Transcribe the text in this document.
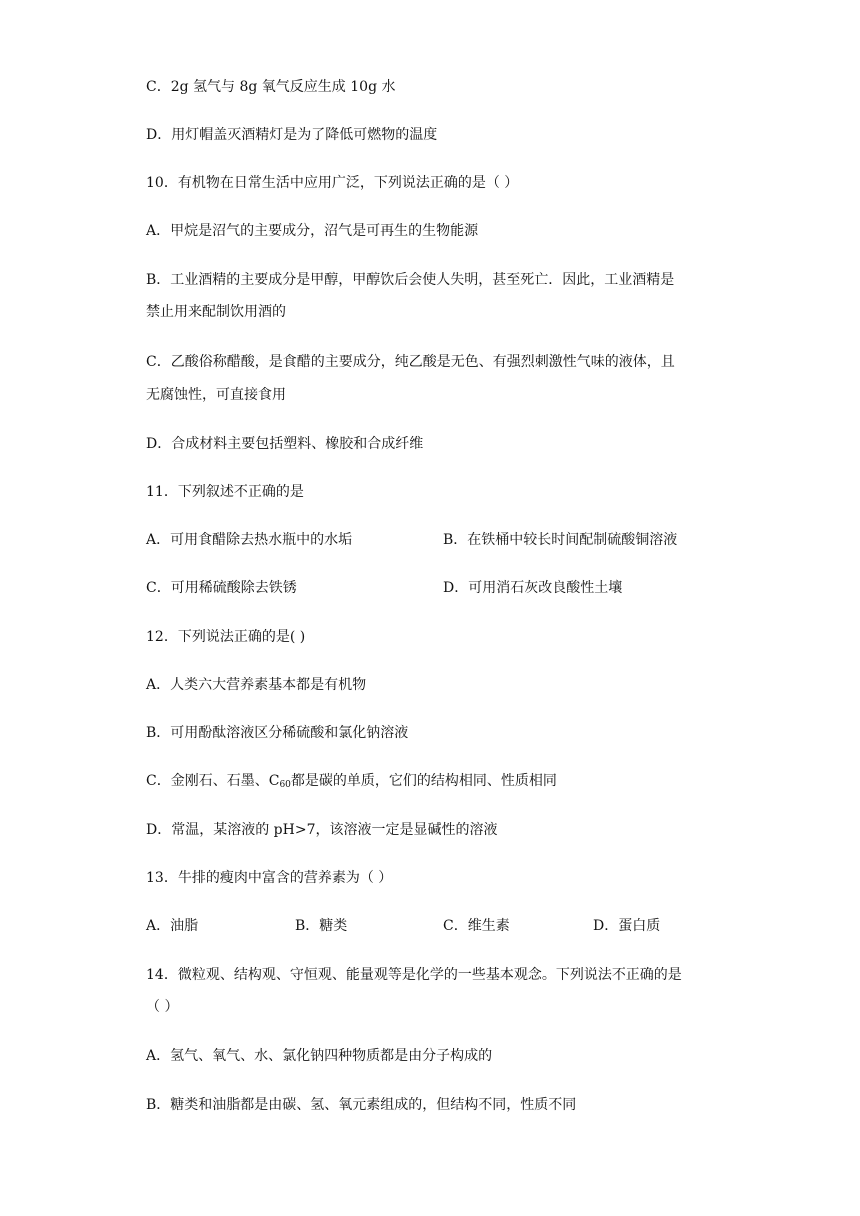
C．2g 氢气与 8g 氧气反应生成 10g 水
D．用灯帽盖灭酒精灯是为了降低可燃物的温度
10．有机物在日常生活中应用广泛，下列说法正确的是（ ）
A．甲烷是沼气的主要成分，沼气是可再生的生物能源
B．工业酒精的主要成分是甲醇，甲醇饮后会使人失明，甚至死亡．因此，工业酒精是
禁止用来配制饮用酒的
C．乙酸俗称醋酸，是食醋的主要成分，纯乙酸是无色、有强烈刺激性气味的液体，且
无腐蚀性，可直接食用
D．合成材料主要包括塑料、橡胶和合成纤维
11．下列叙述不正确的是
A．可用食醋除去热水瓶中的水垢	B．在铁桶中较长时间配制硫酸铜溶液
C．可用稀硫酸除去铁锈	D．可用消石灰改良酸性土壤
12．下列说法正确的是( )
A．人类六大营养素基本都是有机物
B．可用酚酞溶液区分稀硫酸和氯化钠溶液
C．金刚石、石墨、$C_{60}$都是碳的单质，它们的结构相同、性质相同
D．常温，某溶液的 pH>7，该溶液一定是显碱性的溶液
13．牛排的瘦肉中富含的营养素为（ ）
A．油脂	B．糖类	C．维生素	D．蛋白质
14．微粒观、结构观、守恒观、能量观等是化学的一些基本观念。下列说法不正确的是
（ ）
A．氢气、氧气、水、氯化钠四种物质都是由分子构成的
B．糖类和油脂都是由碳、氢、氧元素组成的，但结构不同，性质不同
